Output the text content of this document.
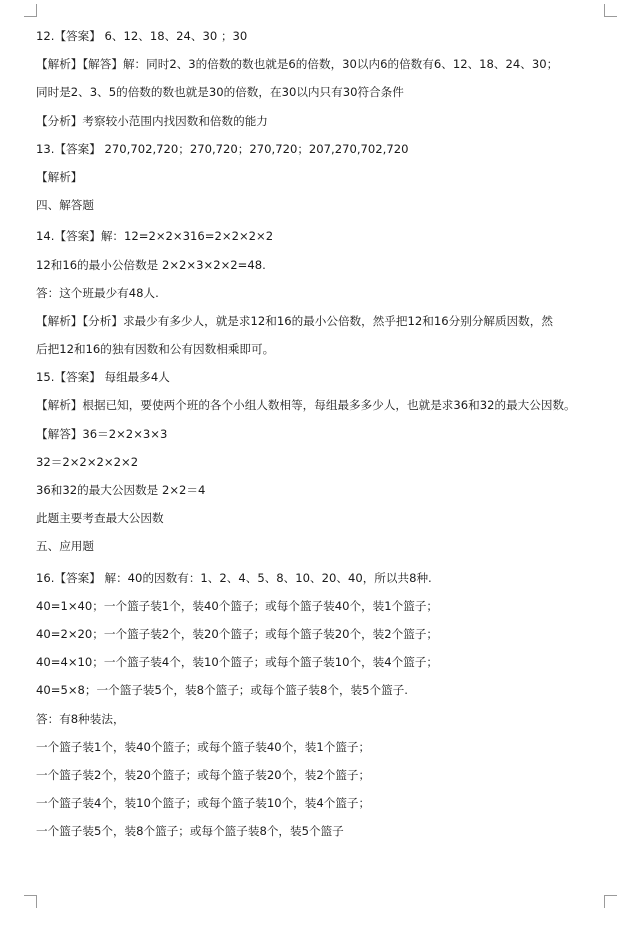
12.【答案】 6、12、18、24、30 ；30
【解析】【解答】解：同时2、3的倍数的数也就是6的倍数，30以内6的倍数有6、12、18、24、30；
同时是2、3、5的倍数的数也就是30的倍数，在30以内只有30符合条件
【分析】考察较小范围内找因数和倍数的能力
13.【答案】 270,702,720；270,720；270,720；207,270,702,720
【解析】
四、解答题
14.【答案】解：12=2×2×316=2×2×2×2
12和16的最小公倍数是 2×2×3×2×2=48.
答：这个班最少有48人.
【解析】【分析】求最少有多少人，就是求12和16的最小公倍数，然乎把12和16分别分解质因数，然
后把12和16的独有因数和公有因数相乘即可。
15.【答案】 每组最多4人
【解析】根据已知，要使两个班的各个小组人数相等，每组最多多少人，也就是求36和32的最大公因数。
【解答】36＝2×2×3×3
32＝2×2×2×2×2
36和32的最大公因数是 2×2＝4
此题主要考查最大公因数
五、应用题
16.【答案】 解：40的因数有：1、2、4、5、8、10、20、40，所以共8种.
40=1×40；一个篮子装1个，装40个篮子；或每个篮子装40个，装1个篮子；
40=2×20；一个篮子装2个，装20个篮子；或每个篮子装20个，装2个篮子；
40=4×10；一个篮子装4个，装10个篮子；或每个篮子装10个，装4个篮子；
40=5×8；一个篮子装5个，装8个篮子；或每个篮子装8个，装5个篮子.
答：有8种装法，
一个篮子装1个，装40个篮子；或每个篮子装40个，装1个篮子；
一个篮子装2个，装20个篮子；或每个篮子装20个，装2个篮子；
一个篮子装4个，装10个篮子；或每个篮子装10个，装4个篮子；
一个篮子装5个，装8个篮子；或每个篮子装8个，装5个篮子
